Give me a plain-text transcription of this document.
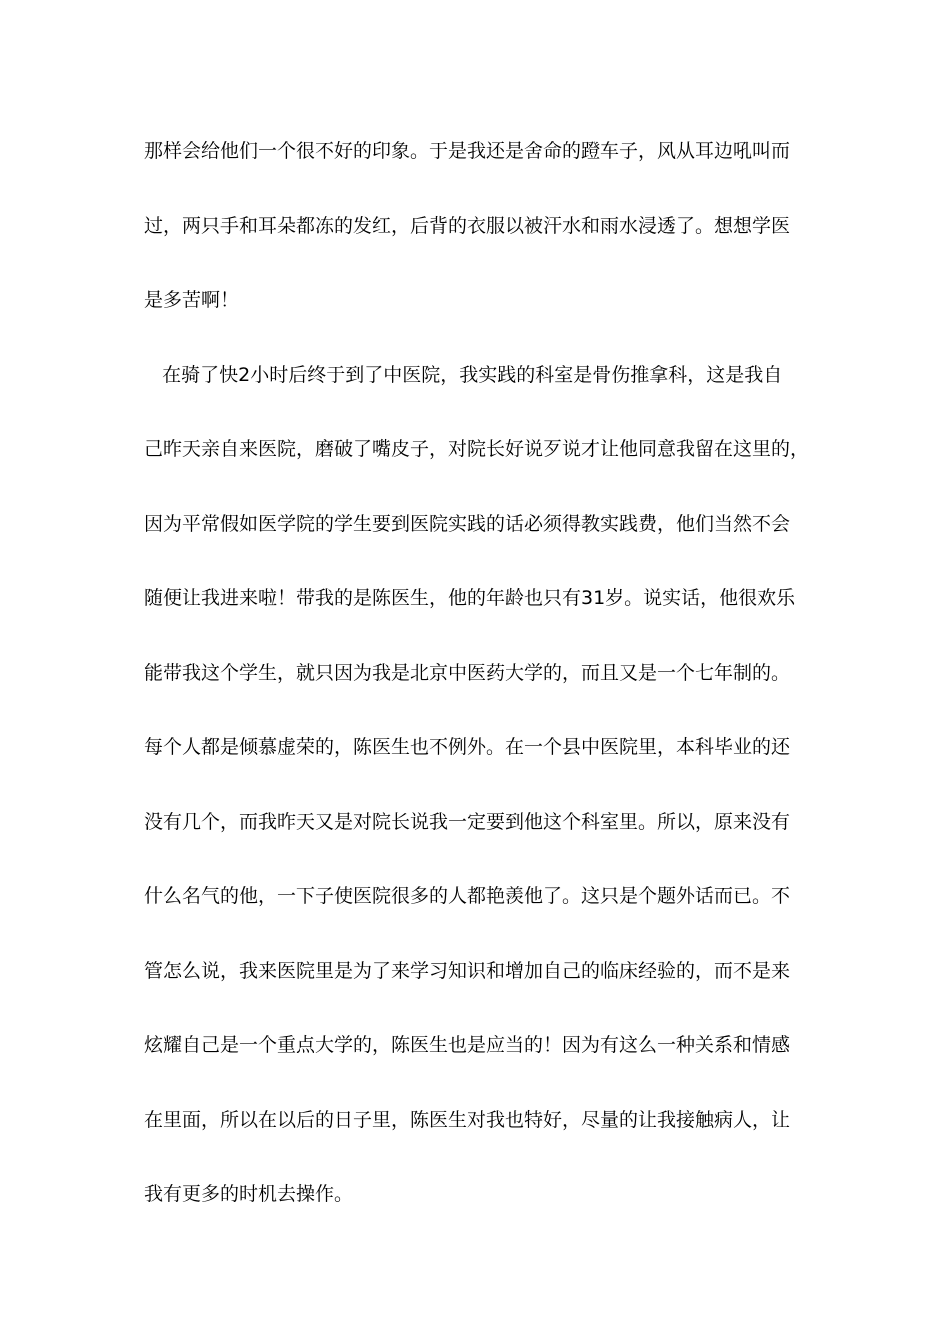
那样会给他们一个很不好的印象。于是我还是舍命的蹬车子，风从耳边吼叫而
过，两只手和耳朵都冻的发红，后背的衣服以被汗水和雨水浸透了。想想学医
是多苦啊！
在骑了快2小时后终于到了中医院，我实践的科室是骨伤推拿科，这是我自
己昨天亲自来医院，磨破了嘴皮子，对院长好说歹说才让他同意我留在这里的，
因为平常假如医学院的学生要到医院实践的话必须得教实践费，他们当然不会
随便让我进来啦！带我的是陈医生，他的年龄也只有31岁。说实话，他很欢乐
能带我这个学生，就只因为我是北京中医药大学的，而且又是一个七年制的。
每个人都是倾慕虚荣的，陈医生也不例外。在一个县中医院里，本科毕业的还
没有几个，而我昨天又是对院长说我一定要到他这个科室里。所以，原来没有
什么名气的他，一下子使医院很多的人都艳羡他了。这只是个题外话而已。不
管怎么说，我来医院里是为了来学习知识和增加自己的临床经验的，而不是来
炫耀自己是一个重点大学的，陈医生也是应当的！因为有这么一种关系和情感
在里面，所以在以后的日子里，陈医生对我也特好，尽量的让我接触病人，让
我有更多的时机去操作。
